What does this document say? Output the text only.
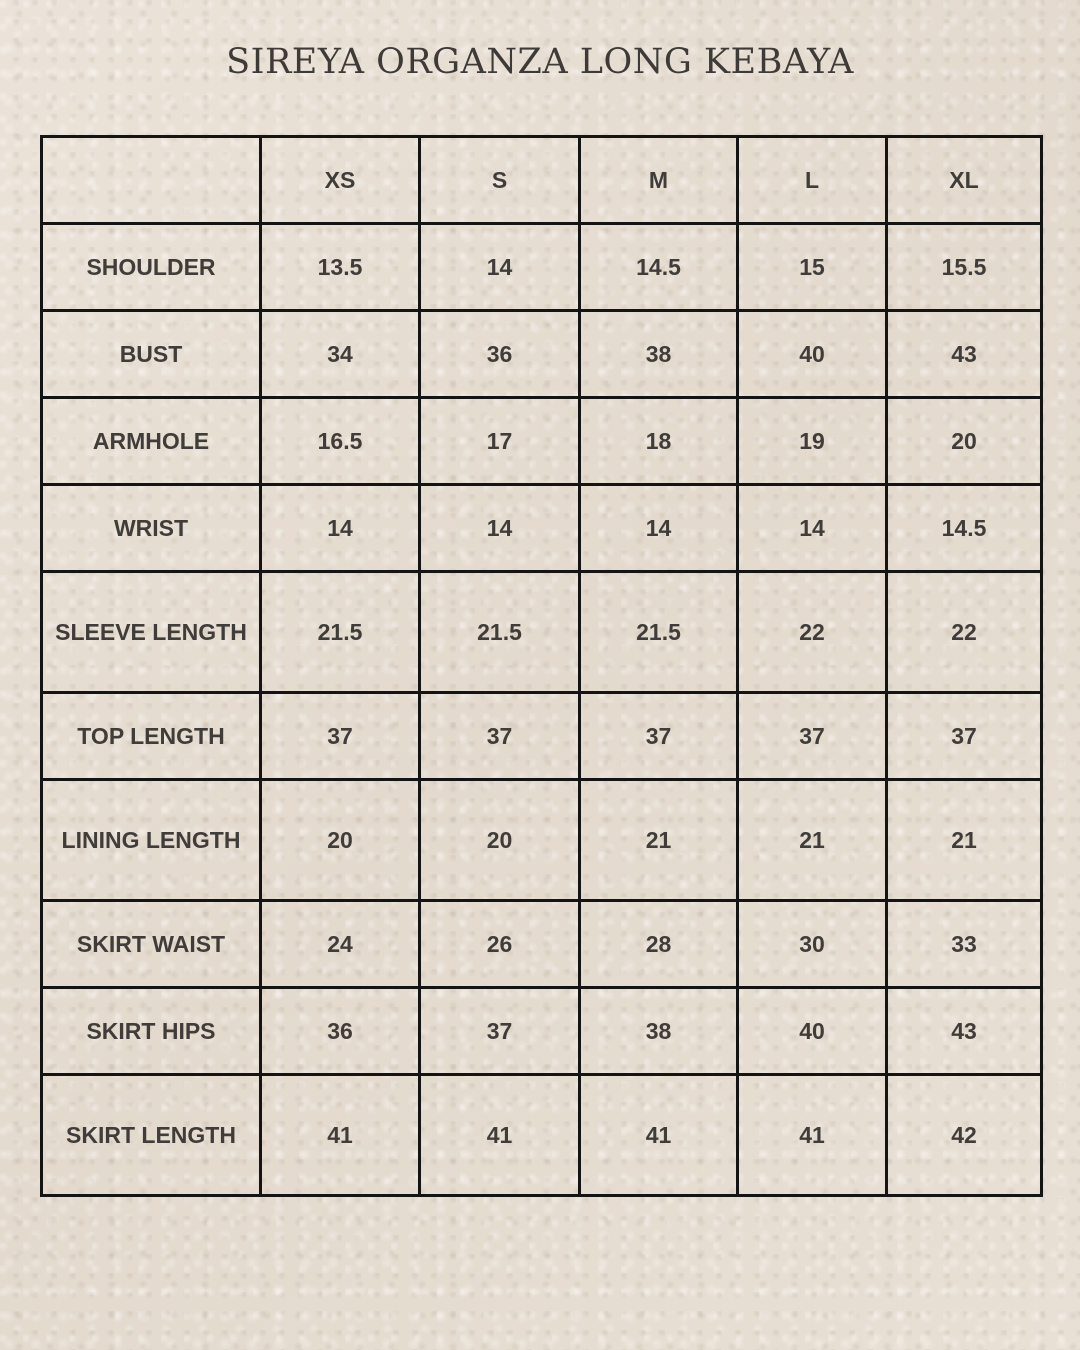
SIREYA ORGANZA LONG KEBAYA
	XS	S	M	L	XL
SHOULDER	13.5	14	14.5	15	15.5
BUST	34	36	38	40	43
ARMHOLE	16.5	17	18	19	20
WRIST	14	14	14	14	14.5
SLEEVE LENGTH	21.5	21.5	21.5	22	22
TOP LENGTH	37	37	37	37	37
LINING LENGTH	20	20	21	21	21
SKIRT WAIST	24	26	28	30	33
SKIRT HIPS	36	37	38	40	43
SKIRT LENGTH	41	41	41	41	42
